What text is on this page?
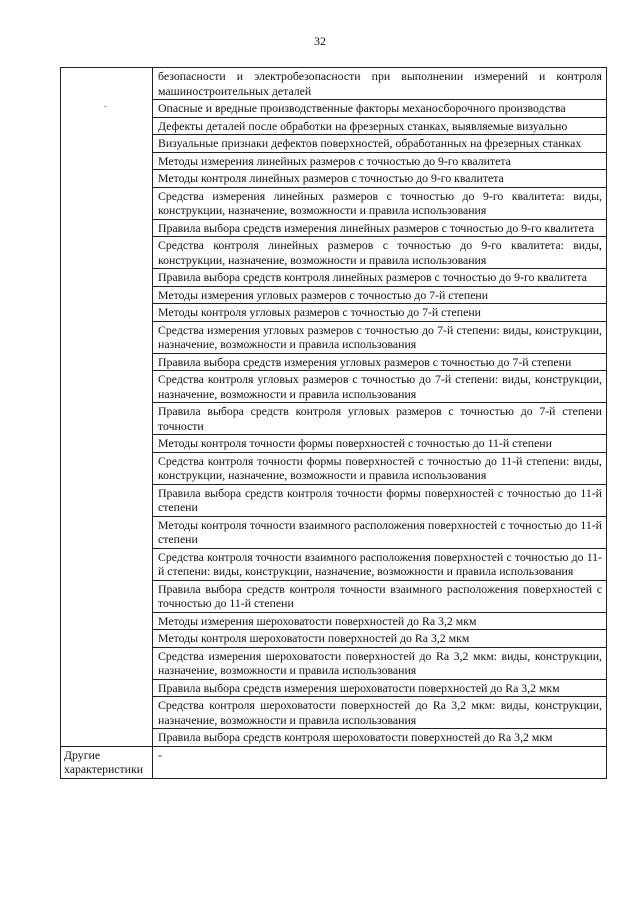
32
.	безопасности и электробезопасности при выполнении измерений и контроля машиностроительных деталей
	Опасные и вредные производственные факторы механосборочного производства
	Дефекты деталей после обработки на фрезерных станках, выявляемые визуально
	Визуальные признаки дефектов поверхностей, обработанных на фрезерных станках
	Методы измерения линейных размеров с точностью до 9-го квалитета
	Методы контроля линейных размеров с точностью до 9-го квалитета
	Средства измерения линейных размеров с точностью до 9-го квалитета: виды, конструкции, назначение, возможности и правила использования
	Правила выбора средств измерения линейных размеров с точностью до 9-го квалитета
	Средства контроля линейных размеров с точностью до 9-го квалитета: виды, конструкции, назначение, возможности и правила использования
	Правила выбора средств контроля линейных размеров с точностью до 9-го квалитета
	Методы измерения угловых размеров с точностью до 7-й степени
	Методы контроля угловых размеров с точностью до 7-й степени
	Средства измерения угловых размеров с точностью до 7-й степени: виды, конструкции, назначение, возможности и правила использования
	Правила выбора средств измерения угловых размеров с точностью до 7-й степени
	Средства контроля угловых размеров с точностью до 7-й степени: виды, конструкции, назначение, возможности и правила использования
	Правила выбора средств контроля угловых размеров с точностью до 7-й степени точности
	Методы контроля точности формы поверхностей с точностью до 11-й степени
	Средства контроля точности формы поверхностей с точностью до 11-й степени: виды, конструкции, назначение, возможности и правила использования
	Правила выбора средств контроля точности формы поверхностей с точностью до 11-й степени
	Методы контроля точности взаимного расположения поверхностей с точностью до 11-й степени
	Средства контроля точности взаимного расположения поверхностей с точностью до 11-й степени: виды, конструкции, назначение, возможности и правила использования
	Правила выбора средств контроля точности взаимного расположения поверхностей с точностью до 11-й степени
	Методы измерения шероховатости поверхностей до Ra 3,2 мкм
	Методы контроля шероховатости поверхностей до Ra 3,2 мкм
	Средства измерения шероховатости поверхностей до Ra 3,2 мкм: виды, конструкции, назначение, возможности и правила использования
	Правила выбора средств измерения шероховатости поверхностей до Ra 3,2 мкм
	Средства контроля шероховатости поверхностей до Ra 3,2 мкм: виды, конструкции, назначение, возможности и правила использования
	Правила выбора средств контроля шероховатости поверхностей до Ra 3,2 мкм
Другие характеристики	-
